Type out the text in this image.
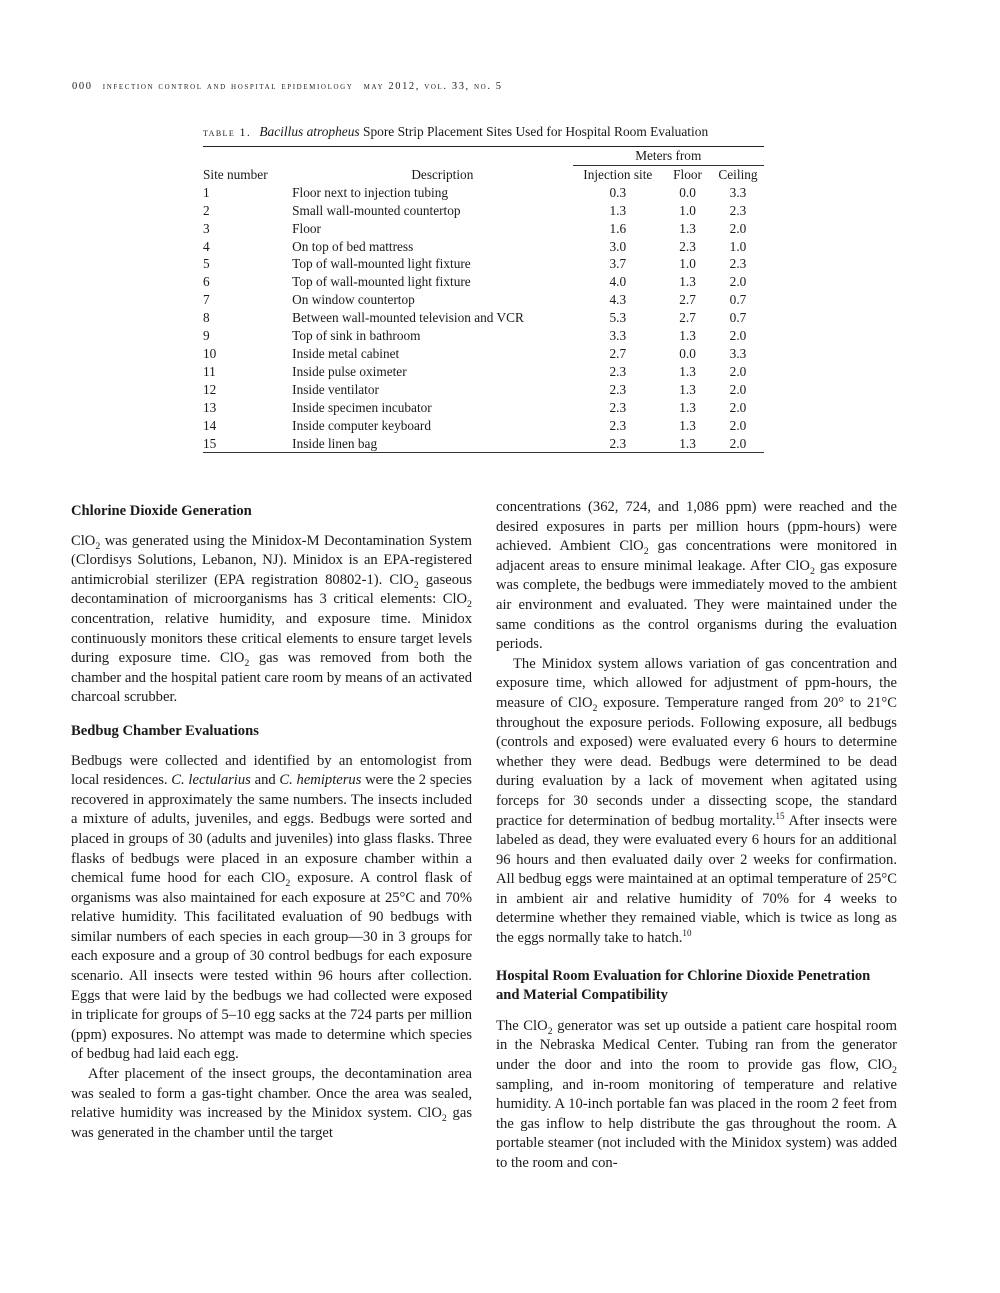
000 infection control and hospital epidemiology may 2012, vol. 33, no. 5
table 1. Bacillus atropheus Spore Strip Placement Sites Used for Hospital Room Evaluation
		Meters from		
Site number	Description	Injection site	Floor	Ceiling
1	Floor next to injection tubing	0.3	0.0	3.3
2	Small wall-mounted countertop	1.3	1.0	2.3
3	Floor	1.6	1.3	2.0
4	On top of bed mattress	3.0	2.3	1.0
5	Top of wall-mounted light fixture	3.7	1.0	2.3
6	Top of wall-mounted light fixture	4.0	1.3	2.0
7	On window countertop	4.3	2.7	0.7
8	Between wall-mounted television and VCR	5.3	2.7	0.7
9	Top of sink in bathroom	3.3	1.3	2.0
10	Inside metal cabinet	2.7	0.0	3.3
11	Inside pulse oximeter	2.3	1.3	2.0
12	Inside ventilator	2.3	1.3	2.0
13	Inside specimen incubator	2.3	1.3	2.0
14	Inside computer keyboard	2.3	1.3	2.0
15	Inside linen bag	2.3	1.3	2.0
Chlorine Dioxide Generation

ClO$_2$ was generated using the Minidox-M Decontamination System (Clordisys Solutions, Lebanon, NJ). Minidox is an EPA-registered antimicrobial sterilizer (EPA registration 80802-1). ClO$_2$ gaseous decontamination of microorganisms has 3 critical elements: ClO$_2$ concentration, relative humidity, and exposure time. Minidox continuously monitors these critical elements to ensure target levels during exposure time. ClO$_2$ gas was removed from both the chamber and the hospital patient care room by means of an activated charcoal scrubber.

Bedbug Chamber Evaluations

Bedbugs were collected and identified by an entomologist from local residences. C. lectularius and C. hemipterus were the 2 species recovered in approximately the same numbers. The insects included a mixture of adults, juveniles, and eggs. Bedbugs were sorted and placed in groups of 30 (adults and juveniles) into glass flasks. Three flasks of bedbugs were placed in an exposure chamber within a chemical fume hood for each ClO$_2$ exposure. A control flask of organisms was also maintained for each exposure at 25°C and 70% relative humidity. This facilitated evaluation of 90 bedbugs with similar numbers of each species in each group—30 in 3 groups for each exposure and a group of 30 control bedbugs for each exposure scenario. All insects were tested within 96 hours after collection. Eggs that were laid by the bedbugs we had collected were exposed in triplicate for groups of 5–10 egg sacks at the 724 parts per million (ppm) exposures. No attempt was made to determine which species of bedbug had laid each egg.

After placement of the insect groups, the decontamination area was sealed to form a gas-tight chamber. Once the area was sealed, relative humidity was increased by the Minidox system. ClO$_2$ gas was generated in the chamber until the target

concentrations (362, 724, and 1,086 ppm) were reached and the desired exposures in parts per million hours (ppm-hours) were achieved. Ambient ClO$_2$ gas concentrations were monitored in adjacent areas to ensure minimal leakage. After ClO$_2$ gas exposure was complete, the bedbugs were immediately moved to the ambient air environment and evaluated. They were maintained under the same conditions as the control organisms during the evaluation periods.

The Minidox system allows variation of gas concentration and exposure time, which allowed for adjustment of ppm-hours, the measure of ClO$_2$ exposure. Temperature ranged from 20° to 21°C throughout the exposure periods. Following exposure, all bedbugs (controls and exposed) were evaluated every 6 hours to determine whether they were dead. Bedbugs were determined to be dead during evaluation by a lack of movement when agitated using forceps for 30 seconds under a dissecting scope, the standard practice for determination of bedbug mortality.$^{15}$ After insects were labeled as dead, they were evaluated every 6 hours for an additional 96 hours and then evaluated daily over 2 weeks for confirmation. All bedbug eggs were maintained at an optimal temperature of 25°C in ambient air and relative humidity of 70% for 4 weeks to determine whether they remained viable, which is twice as long as the eggs normally take to hatch.$^{10}$

Hospital Room Evaluation for Chlorine Dioxide Penetration and Material Compatibility

The ClO$_2$ generator was set up outside a patient care hospital room in the Nebraska Medical Center. Tubing ran from the generator under the door and into the room to provide gas flow, ClO$_2$ sampling, and in-room monitoring of temperature and relative humidity. A 10-inch portable fan was placed in the room 2 feet from the gas inflow to help distribute the gas throughout the room. A portable steamer (not included with the Minidox system) was added to the room and con-
